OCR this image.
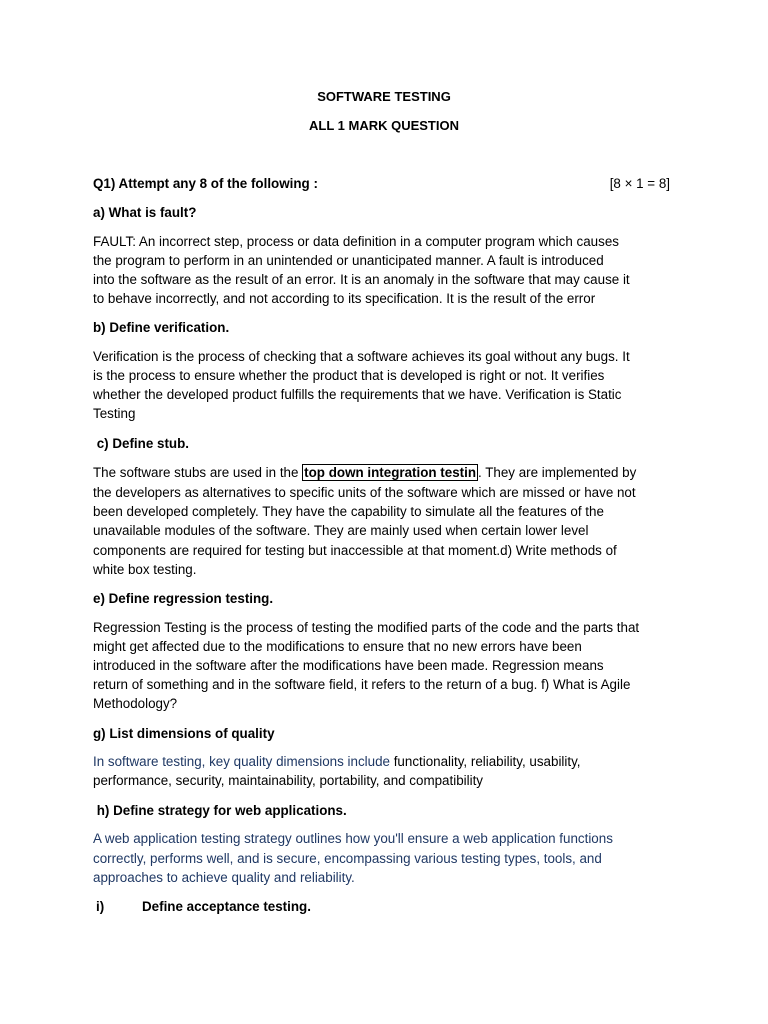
SOFTWARE TESTING
ALL 1 MARK QUESTION
Q1) Attempt any 8 of the following :	[8 × 1 = 8]
a) What is fault?
FAULT: An incorrect step, process or data definition in a computer program which causes
the program to perform in an unintended or unanticipated manner. A fault is introduced
into the software as the result of an error. It is an anomaly in the software that may cause it
to behave incorrectly, and not according to its specification. It is the result of the error
b) Define verification.
Verification is the process of checking that a software achieves its goal without any bugs. It
is the process to ensure whether the product that is developed is right or not. It verifies
whether the developed product fulfills the requirements that we have. Verification is Static
Testing
c) Define stub.
The software stubs are used in the top down integration testin . They are implemented by
the developers as alternatives to specific units of the software which are missed or have not
been developed completely. They have the capability to simulate all the features of the
unavailable modules of the software. They are mainly used when certain lower level
components are required for testing but inaccessible at that moment.d) Write methods of
white box testing.
e) Define regression testing.
Regression Testing is the process of testing the modified parts of the code and the parts that
might get affected due to the modifications to ensure that no new errors have been
introduced in the software after the modifications have been made. Regression means
return of something and in the software field, it refers to the return of a bug. f) What is Agile
Methodology?
g) List dimensions of quality
In software testing, key quality dimensions include functionality, reliability, usability,
performance, security, maintainability, portability, and compatibility
h) Define strategy for web applications.
A web application testing strategy outlines how you'll ensure a web application functions
correctly, performs well, and is secure, encompassing various testing types, tools, and
approaches to achieve quality and reliability.
i)	Define acceptance testing.
